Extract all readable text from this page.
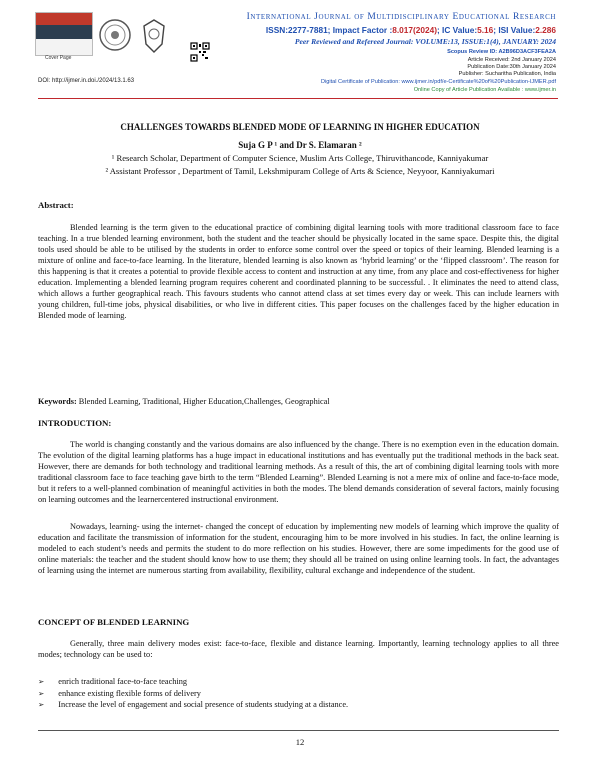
Cover Page
International Journal of Multidisciplinary Educational Research
ISSN:2277-7881; Impact Factor :8.017(2024); IC Value:5.16; ISI Value:2.286
Peer Reviewed and Refereed Journal: VOLUME:13, ISSUE:1(4), JANUARY: 2024
Scopus Review ID: A2B96D3ACF3FEA2A
Article Received: 2nd January 2024
Publication Date:30th January 2024
Publisher: Sucharitha Publication, India
Digital Certificate of Publication: www.ijmer.in/pdf/e-Certificate%20of%20Publication-IJMER.pdf
Online Copy of Article Publication Available : www.ijmer.in
DOI: http://ijmer.in.doi./2024/13.1.63
CHALLENGES TOWARDS BLENDED MODE OF LEARNING IN HIGHER EDUCATION
Suja G P ¹ and Dr S. Elamaran ²
¹ Research Scholar, Department of Computer Science, Muslim Arts College, Thiruvithancode, Kanniyakumar
² Assistant Professor , Department of Tamil, Lekshmipuram College of Arts & Science, Neyyoor, Kanniyakumari
Abstract:
Blended learning is the term given to the educational practice of combining digital learning tools with more traditional classroom face to face teaching. In a true blended learning environment, both the student and the teacher should be physically located in the same space. Despite this, the digital tools used should be able to be utilised by the students in order to enforce some control over the speed or topics of their learning. Blended learning is a mixture of online and face-to-face learning. In the literature, blended learning is also known as ‘hybrid learning’ or the ‘flipped classroom’. The reason for this happening is that it creates a potential to provide flexible access to content and instruction at any time, from any place and cost-effectiveness for higher education. Implementing a blended learning program requires coherent and coordinated planning to be successful. . It eliminates the need to attend class, which allows a further geographical reach. This favours students who cannot attend class at set times every day or week. This can include learners with young children, full-time jobs, physical disabilities, or who live in different cities. This paper focuses on the challenges faced by the higher education in Blended mode of learning.
Keywords: Blended Learning, Traditional, Higher Education,Challenges, Geographical
INTRODUCTION:
The world is changing constantly and the various domains are also influenced by the change. There is no exemption even in the education domain. The evolution of the digital learning platforms has a huge impact in educational institutions and has eventually put the traditional methods in the back seat. However, there are demands for both technology and traditional learning methods. As a result of this, the art of combining digital learning tools with more traditional classroom face to face teaching gave birth to the term “Blended Learning”. Blended Learning is not a mere mix of online and face-to-face mode, but it refers to a well-planned combination of meaningful activities in both the modes. The blend demands consideration of several factors, mainly focusing on learning outcomes and the learnercentered instructional environment.
Nowadays, learning- using the internet- changed the concept of education by implementing new models of learning which improve the quality of education and facilitate the transmission of information for the student, encouraging him to be more involved in his studies. In fact, the online learning is modeled to each student’s needs and permits the student to do more reflection on his studies. However, there are some impediments for the good use of online materials: the teacher and the student should know how to use them; they should all be trained on using online learning tools. In fact, the advantages of learning using the internet are numerous starting from availability, flexibility, cultural exchange and independence of the student.
CONCEPT OF BLENDED LEARNING
Generally, three main delivery modes exist: face-to-face, flexible and distance learning. Importantly, learning technology applies to all three modes; technology can be used to:
➢ enrich traditional face-to-face teaching
➢ enhance existing flexible forms of delivery
➢ Increase the level of engagement and social presence of students studying at a distance.
12
